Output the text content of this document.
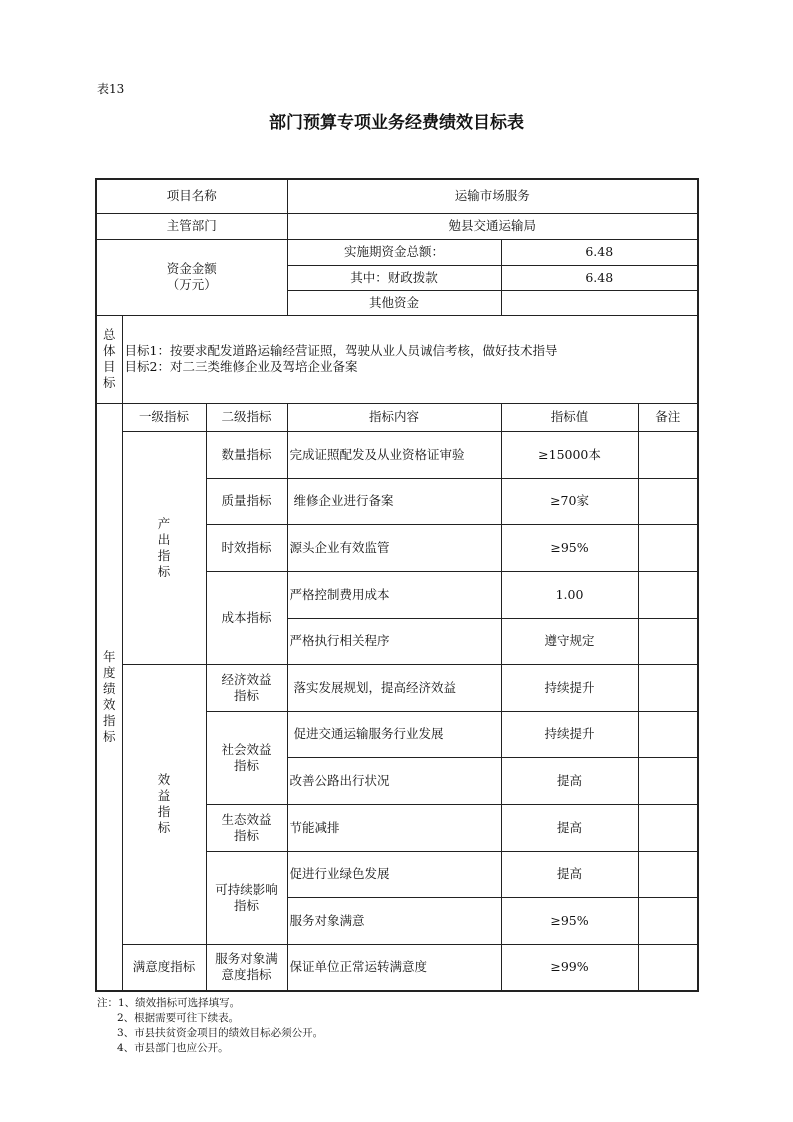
表13
部门预算专项业务经费绩效目标表
项目名称			运输市场服务		
主管部门			勉县交通运输局		

资金金额
（万元）			实施期资金总额：	6.48	
			其中：财政拨款	6.48	
			其他资金		

总体目标	目标1：按要求配发道路运输经营证照，驾驶从业人员诚信考核，做好技术指导
目标2：对二三类维修企业及驾培企业备案				

年度绩效指标	一级指标	二级指标	指标内容	指标值	备注

	产出指标	数量指标	完成证照配发及从业资格证审验	≥15000本	
		质量指标	维修企业进行备案	≥70家	
		时效指标	源头企业有效监管	≥95%	
		成本指标	严格控制费用成本	1.00	
			严格执行相关程序	遵守规定	

	效益指标	经济效益指标	落实发展规划，提高经济效益	持续提升	

		社会效益指标	促进交通运输服务行业发展	持续提升	
			改善公路出行状况	提高	

		生态效益指标	节能减排	提高	

		可持续影响指标	促进行业绿色发展	提高	
			服务对象满意	≥95%	
	满意度指标	服务对象满意度指标	保证单位正常运转满意度	≥99%	
注：1、绩效指标可选择填写。
2、根据需要可往下续表。
3、市县扶贫资金项目的绩效目标必须公开。
4、市县部门也应公开。
